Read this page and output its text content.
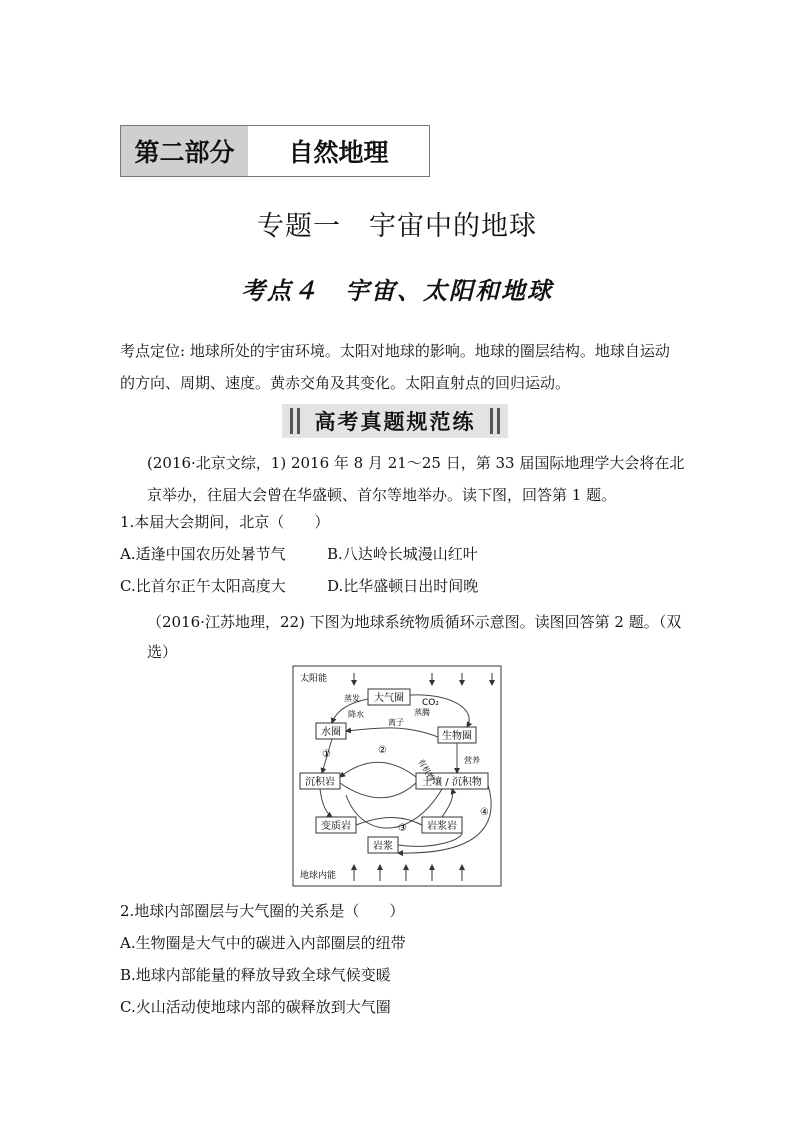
第二部分	自然地理
专题一　宇宙中的地球
考点４　宇宙、太阳和地球
考点定位: 地球所处的宇宙环境。太阳对地球的影响。地球的圈层结构。地球自运动的方向、周期、速度。黄赤交角及其变化。太阳直射点的回归运动。
高考真题规范练
(2016·北京文综，1) 2016 年 8 月 21～25 日，第 33 届国际地理学大会将在北京举办，往届大会曾在华盛顿、首尔等地举办。读下图，回答第 1 题。
1.本届大会期间，北京（　　）
A.适逢中国农历处暑节气	B.八达岭长城漫山红叶
C.比首尔正午太阳高度大	D.比华盛顿日出时间晚
（2016·江苏地理，22) 下图为地球系统物质循环示意图。读图回答第 2 题。（双选）
太阳能
大气圈
水圈	生物圈
沉积岩	土壤 / 沉积物
变质岩	岩浆岩
岩浆
蒸发
降水
离子
CO₂
蒸腾
有机物	营养
①	②
③
④
地球内能
2.地球内部圈层与大气圈的关系是（　　）
A.生物圈是大气中的碳进入内部圈层的纽带
B.地球内部能量的释放导致全球气候变暖
C.火山活动使地球内部的碳释放到大气圈
